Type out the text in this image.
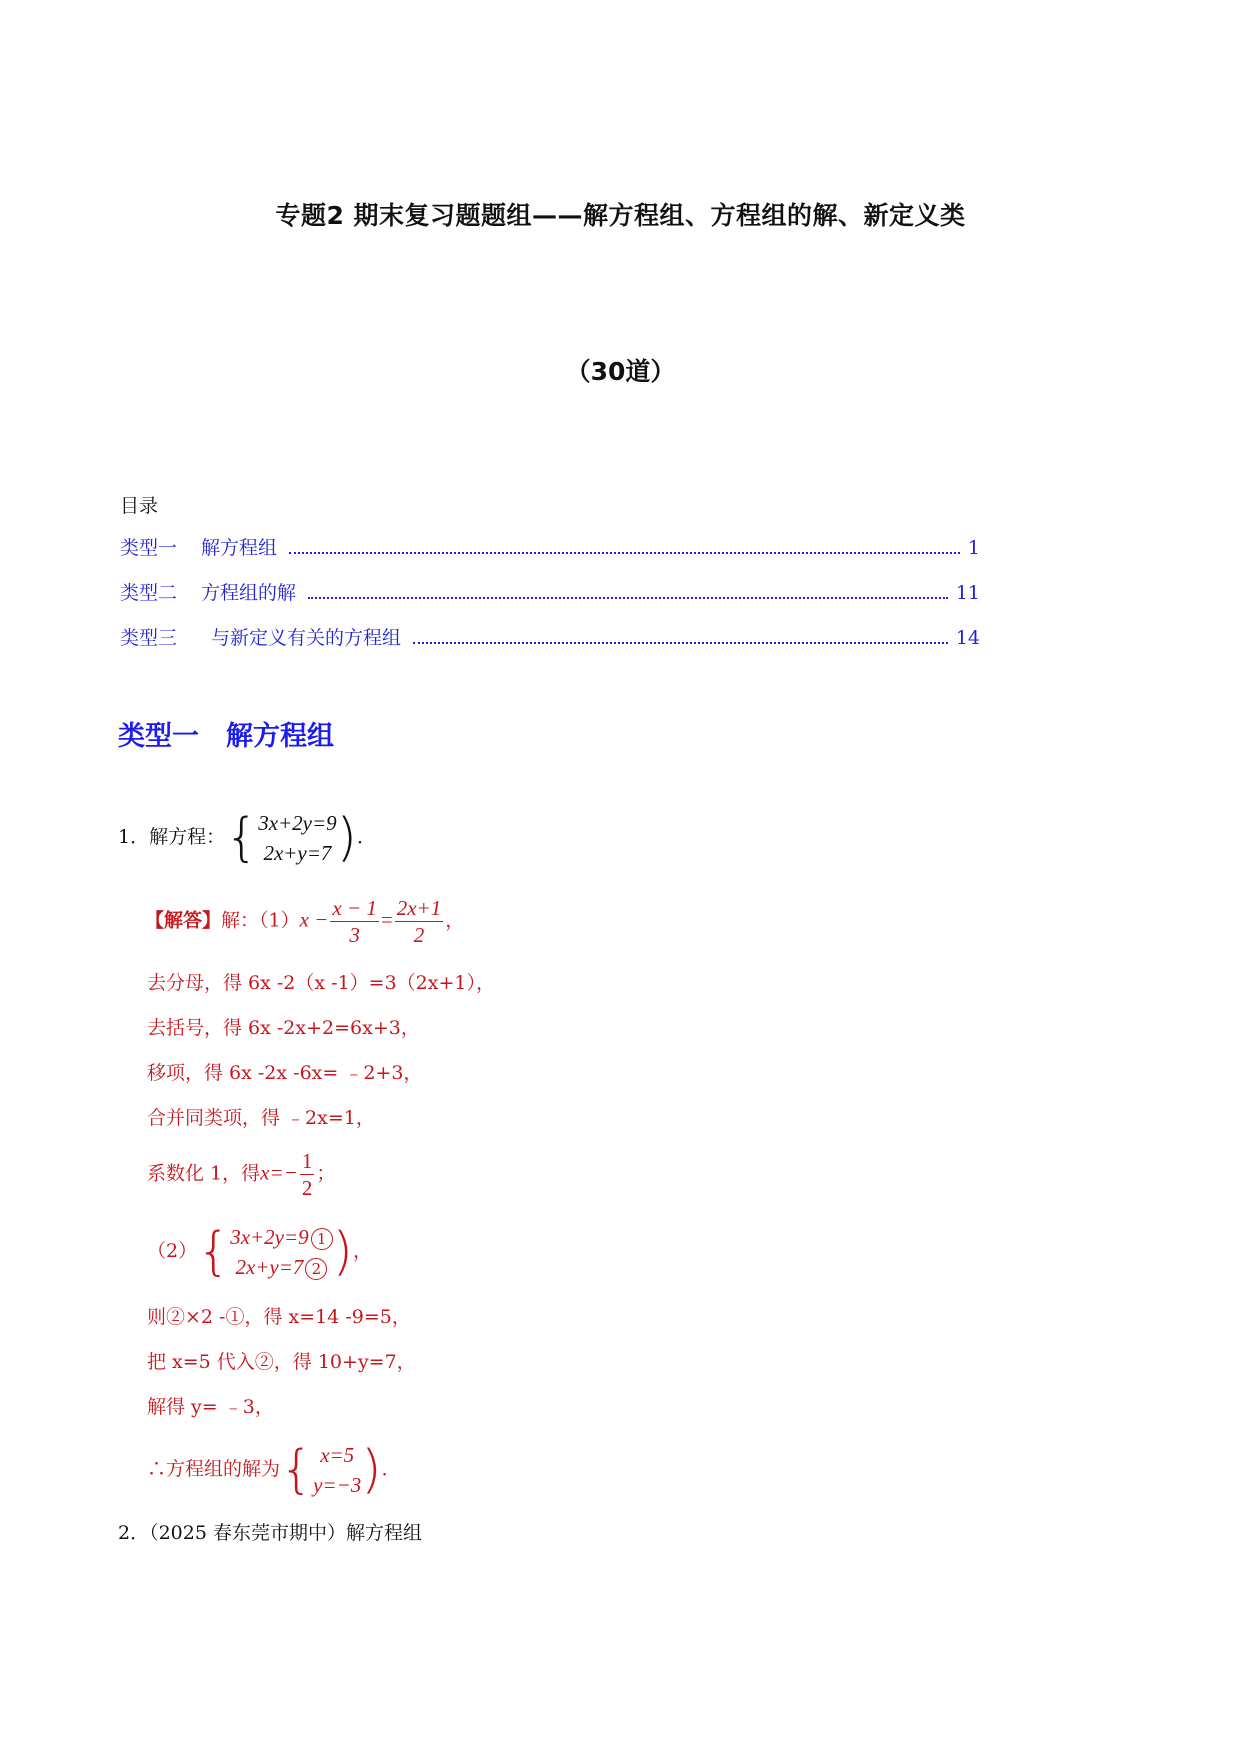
专题2 期末复习题题组——解方程组、方程组的解、新定义类
（30道）
目录
类型一 解方程组	1
类型二 方程组的解	11
类型三 与新定义有关的方程组	14
类型一　解方程组
1．解方程： { 3x+2y=9
2x+y=7 ) ．
【解答】解：$(1)x - \frac{x - 1}{3} = \frac{2x+1}{2}$ ，
去分母，得 6x ‑2（x ‑1）=3（2x+1），
去括号，得 6x ‑2x+2=6x+3，
移项，得 6x ‑2x ‑6x= ﹣2+3，
合并同类项，得 ﹣2x=1，
系数化 1，得$x=- \frac{1}{2}$ ；
（2） { 3x+2y=9 1
2x+y=7 2 ) ，
则②×2 ‑①，得 x=14 ‑9=5，
把 x=5 代入②，得 10+y=7，
解得 y= ﹣3，
∴方程组的解为 { x=5
y=−3 ) ．
2．（2025 春东莞市期中）解方程组
